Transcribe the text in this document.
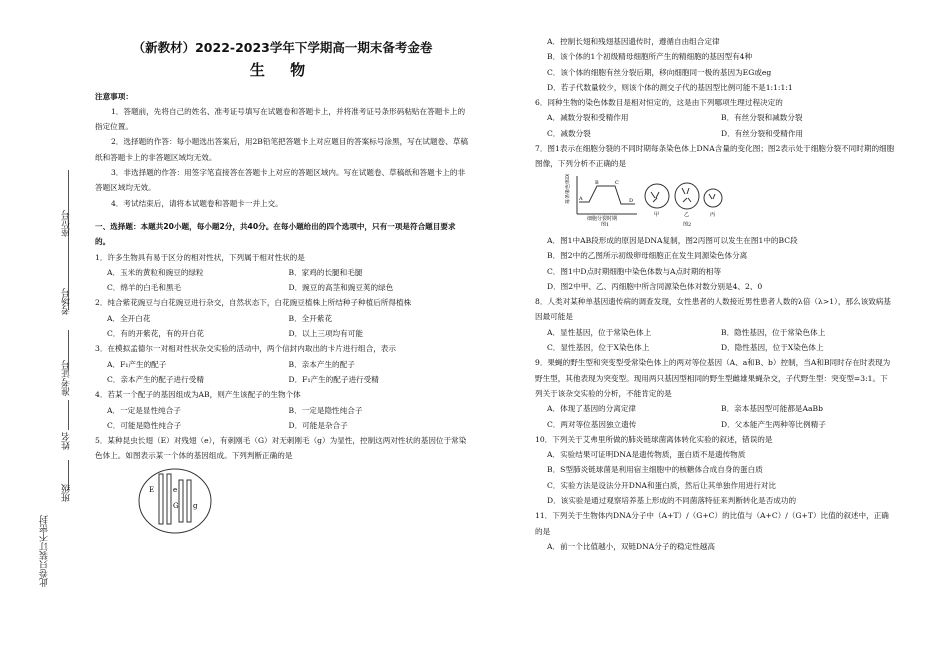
座位号
考场号
准考证号
姓名
班级
此卷只装订不密封
（新教材）2022-2023学年下学期高一期末备考金卷
生 物
注意事项：

1．答题前，先将自己的姓名、准考证号填写在试题卷和答题卡上，并将准考证号条形码粘贴在答题卡上的指定位置。

2．选择题的作答：每小题选出答案后，用2B铅笔把答题卡上对应题目的答案标号涂黑，写在试题卷、草稿纸和答题卡上的非答题区域均无效。

3．非选择题的作答：用签字笔直接答在答题卡上对应的答题区域内。写在试题卷、草稿纸和答题卡上的非答题区域均无效。

4．考试结束后，请将本试题卷和答题卡一并上交。

一、选择题：本题共20小题，每小题2分，共40分。在每小题给出的四个选项中，只有一项是符合题目要求的。

1．许多生物具有易于区分的相对性状，下列属于相对性状的是

A．玉米的黄粒和豌豆的绿粒	B．家鸡的长腿和毛腿
C．绵羊的白毛和黑毛	D．豌豆的高茎和豌豆荚的绿色

2．纯合紫花豌豆与白花豌豆进行杂交，自然状态下，白花豌豆植株上所结种子种植后所得植株

A．全开白花	B．全开紫花
C．有的开紫花，有的开白花	D．以上三项均有可能

3．在模拟孟德尔一对相对性状杂交实验的活动中，两个信封内取出的卡片进行组合，表示

A．F₁产生的配子	B．亲本产生的配子
C．亲本产生的配子进行受精	D．F₁产生的配子进行受精

4．若某一个配子的基因组成为AB，则产生该配子的生物个体

A．一定是显性纯合子	B．一定是隐性纯合子
C．可能是隐性纯合子	D．可能是杂合子

5．某种昆虫长翅（E）对残翅（e），有刺刚毛（G）对无刺刚毛（g）为显性，控制这两对性状的基因位于常染色体上。如图表示某一个体的基因组成。下列判断正确的是

E	e
G g
A．控制长翅和残翅基因遗传时，遵循自由组合定律
B．该个体的1个初级精母细胞所产生的精细胞的基因型有4种
C．该个体的细胞有丝分裂后期，移向细胞同一极的基因为EG或eg
D．若子代数量较少，则该个体的测交子代的基因型比例可能不是1:1:1:1

6．同种生物的染色体数目是相对恒定的，这是由下列哪项生理过程决定的

A．减数分裂和受精作用	B．有丝分裂和减数分裂
C．减数分裂	D．有丝分裂和受精作用

7．图1表示在细胞分裂的不同时期每条染色体上DNA含量的变化图；图2表示处于细胞分裂不同时期的细胞图像，下列分析不正确的是

每条染色体DNA含量 A
B	C
D
细胞分裂时期
图1
甲	乙	丙
图2
A．图1中AB段形成的原因是DNA复制，图2丙图可以发生在图1中的BC段
B．图2中的乙图所示初级卵母细胞正在发生同源染色体分离
C．图1中D点时期细胞中染色体数与A点时期的相等
D．图2中甲、乙、丙细胞中所含同源染色体对数分别是4、2、0

8．人类对某种单基因遗传病的调查发现，女性患者的人数接近男性患者人数的λ倍（λ>1），那么该致病基因最可能是

A．显性基因，位于常染色体上	B．隐性基因，位于常染色体上
C．显性基因，位于X染色体上	D．隐性基因，位于X染色体上

9．果蝇的野生型和突变型受常染色体上的两对等位基因（A、a和B、b）控制，当A和B同时存在时表现为野生型，其他表现为突变型。现用两只基因型相同的野生型雌雄果蝇杂交，子代野生型：突变型=3:1。下列关于该杂交实验的分析，不能肯定的是

A．体现了基因的分离定律	B．亲本基因型可能都是AaBb
C．两对等位基因独立遗传	D．父本能产生两种等比例精子

10．下列关于艾弗里所做的肺炎链球菌离体转化实验的叙述，错误的是

A．实验结果可证明DNA是遗传物质，蛋白质不是遗传物质
B．S型肺炎链球菌是利用宿主细胞中的核糖体合成自身的蛋白质
C．实验方法是设法分开DNA和蛋白质，然后让其单独作用进行对比
D．该实验是通过观察培养基上形成的不同菌落特征来判断转化是否成功的

11．下列关于生物体内DNA分子中（A+T）/（G+C）的比值与（A+C）/（G+T）比值的叙述中，正确的是

A．前一个比值越小，双链DNA分子的稳定性越高
